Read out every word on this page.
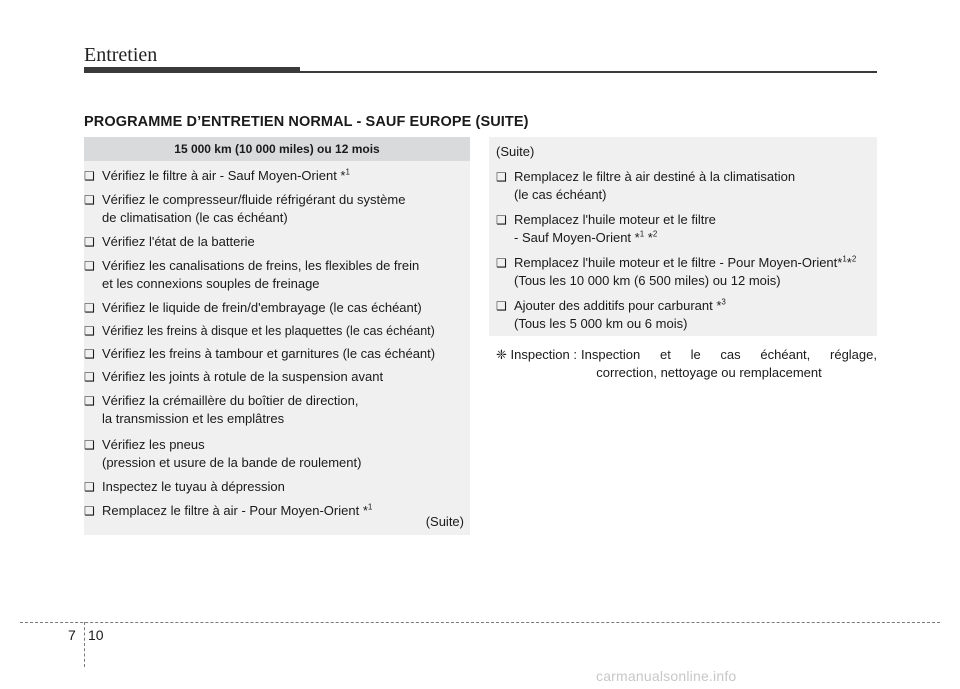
Entretien
PROGRAMME D’ENTRETIEN NORMAL - SAUF EUROPE (SUITE)
15 000 km (10 000 miles) ou 12 mois
❑ Vérifiez le filtre à air - Sauf Moyen-Orient *$^1$
❑ Vérifiez le compresseur/fluide réfrigérant du système
de climatisation (le cas échéant)
❑ Vérifiez l'état de la batterie
❑ Vérifiez les canalisations de freins, les flexibles de frein
et les connexions souples de freinage
❑ Vérifiez le liquide de frein/d'embrayage (le cas échéant)
❑ Vérifiez les freins à disque et les plaquettes (le cas échéant)
❑ Vérifiez les freins à tambour et garnitures (le cas échéant)
❑ Vérifiez les joints à rotule de la suspension avant
❑ Vérifiez la crémaillère du boîtier de direction,
la transmission et les emplâtres
❑ Vérifiez les pneus
(pression et usure de la bande de roulement)
❑ Inspectez le tuyau à dépression
❑ Remplacez le filtre à air - Pour Moyen-Orient *$^1$
(Suite)
(Suite)
❑ Remplacez le filtre à air destiné à la climatisation
(le cas échéant)
❑ Remplacez l'huile moteur et le filtre
- Sauf Moyen-Orient *$^1$ *$^2$
❑ Remplacez l'huile moteur et le filtre - Pour Moyen-Orient*$^1$*$^2$
(Tous les 10 000 km (6 500 miles) ou 12 mois)
❑ Ajouter des additifs pour carburant *$^3$
(Tous les 5 000 km ou 6 mois)
❈ Inspection : Inspection et le cas échéant, réglage,
correction, nettoyage ou remplacement
7 10
carmanualsonline.info
